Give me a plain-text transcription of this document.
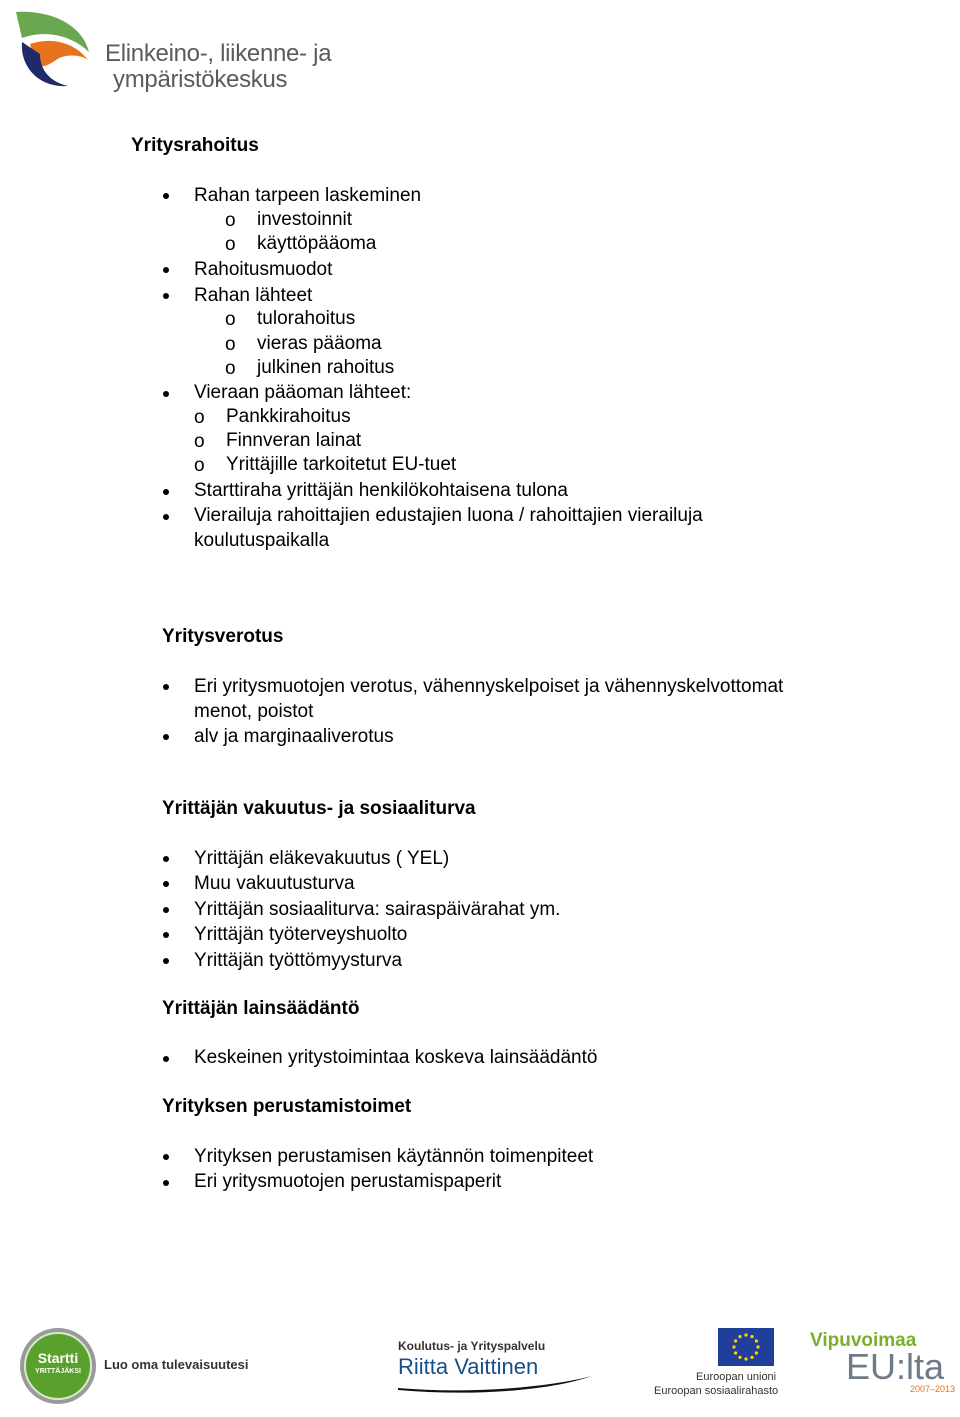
Elinkeino-, liikenne- ja
ympäristökeskus
Yritysrahoitus
Rahan tarpeen laskeminen
o investoinnit
o käyttöpääoma
Rahoitusmuodot
Rahan lähteet
o tulorahoitus
o vieras pääoma
o julkinen rahoitus
Vieraan pääoman lähteet:
o Pankkirahoitus
o Finnveran lainat
o Yrittäjille tarkoitetut EU-tuet
Starttiraha yrittäjän henkilökohtaisena tulona
Vierailuja rahoittajien edustajien luona / rahoittajien vierailuja
koulutuspaikalla
Yritysverotus
Eri yritysmuotojen verotus, vähennyskelpoiset ja vähennyskelvottomat
menot, poistot
alv ja marginaaliverotus
Yrittäjän vakuutus- ja sosiaaliturva
Yrittäjän eläkevakuutus ( YEL)
Muu vakuutusturva
Yrittäjän sosiaaliturva: sairaspäivärahat ym.
Yrittäjän työterveyshuolto
Yrittäjän työttömyysturva
Yrittäjän lainsäädäntö
Keskeinen yritystoimintaa koskeva lainsäädäntö
Yrityksen perustamistoimet
Yrityksen perustamisen käytännön toimenpiteet
Eri yritysmuotojen perustamispaperit
Startti
YRITTÄJÄKSI	Luo oma tulevaisuutesi
Koulutus- ja Yrityspalvelu
Riitta Vaittinen	Euroopan unioni
Euroopan sosiaalirahasto
Vipuvoimaa
EU:lta
2007–2013
